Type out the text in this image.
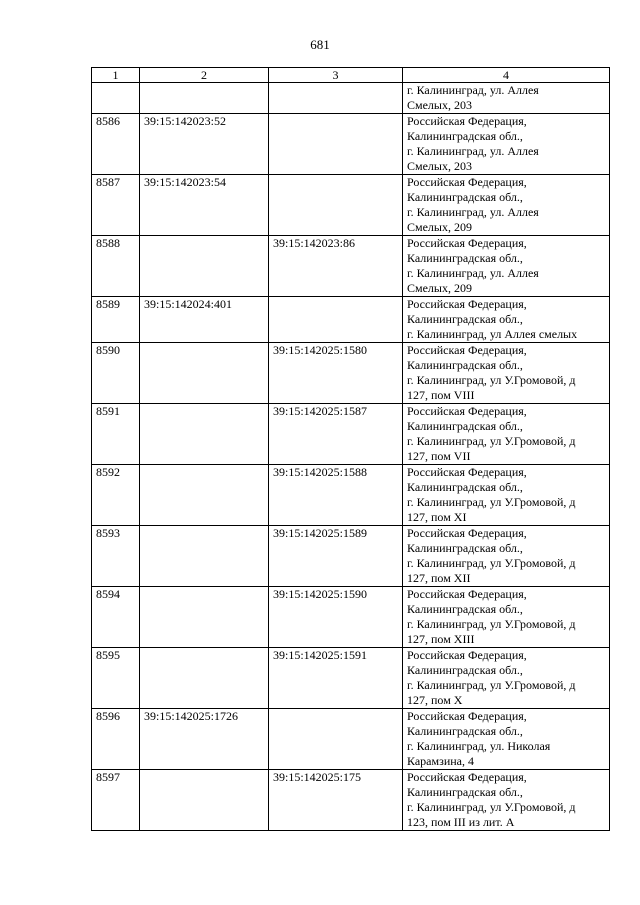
681
1	2	3	4

			г. Калининград, ул. Аллея
Смелых, 203

8586	39:15:142023:52		Российская Федерация,
Калининградская обл.,
г. Калининград, ул. Аллея
Смелых, 203

8587	39:15:142023:54		Российская Федерация,
Калининградская обл.,
г. Калининград, ул. Аллея
Смелых, 209

8588		39:15:142023:86	Российская Федерация,
Калининградская обл.,
г. Калининград, ул. Аллея
Смелых, 209

8589	39:15:142024:401		Российская Федерация,
Калининградская обл.,
г. Калининград, ул Аллея смелых

8590		39:15:142025:1580	Российская Федерация,
Калининградская обл.,
г. Калининград, ул У.Громовой, д
127, пом VIII

8591		39:15:142025:1587	Российская Федерация,
Калининградская обл.,
г. Калининград, ул У.Громовой, д
127, пом VII

8592		39:15:142025:1588	Российская Федерация,
Калининградская обл.,
г. Калининград, ул У.Громовой, д
127, пом XI

8593		39:15:142025:1589	Российская Федерация,
Калининградская обл.,
г. Калининград, ул У.Громовой, д
127, пом XII

8594		39:15:142025:1590	Российская Федерация,
Калининградская обл.,
г. Калининград, ул У.Громовой, д
127, пом XIII

8595		39:15:142025:1591	Российская Федерация,
Калининградская обл.,
г. Калининград, ул У.Громовой, д
127, пом X

8596	39:15:142025:1726		Российская Федерация,
Калининградская обл.,
г. Калининград, ул. Николая
Карамзина, 4

8597		39:15:142025:175	Российская Федерация,
Калининградская обл.,
г. Калининград, ул У.Громовой, д
123, пом III из лит. А
